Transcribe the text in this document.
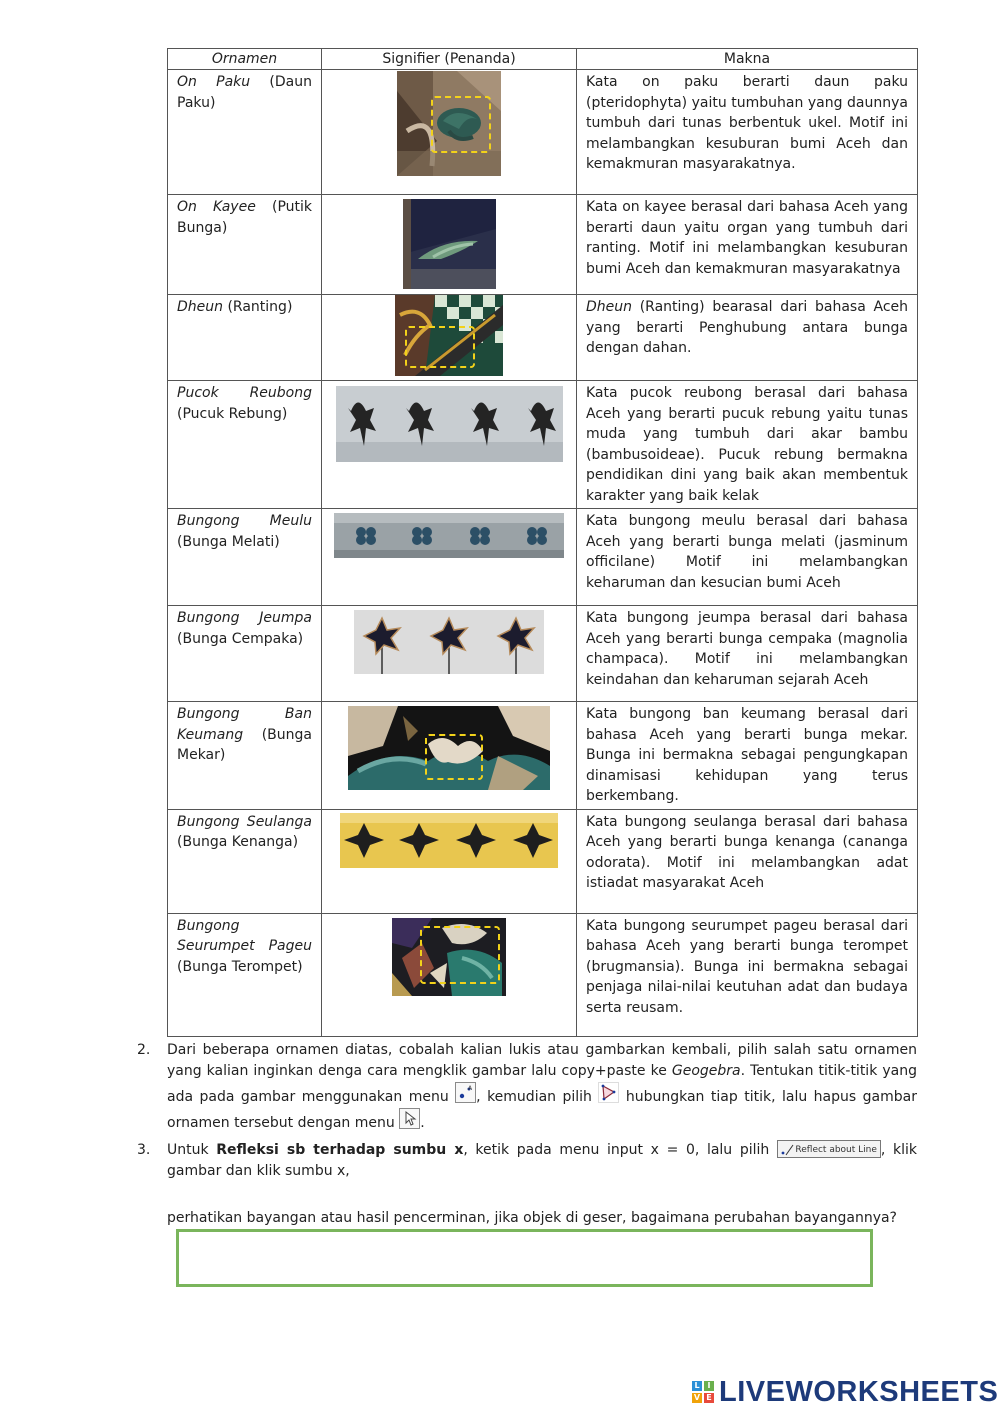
Ornamen	Signifier (Penanda)	Makna
On Paku (Daun Paku)		Kata on paku berarti daun paku (pteridophyta) yaitu tumbuhan yang daunnya tumbuh dari tunas berbentuk ukel. Motif ini melambangkan kesuburan bumi Aceh dan kemakmuran masyarakatnya.
On Kayee (Putik Bunga)		Kata on kayee berasal dari bahasa Aceh yang berarti daun yaitu organ yang tumbuh dari ranting. Motif ini melambangkan kesuburan bumi Aceh dan kemakmuran masyarakatnya
Dheun (Ranting)		Dheun (Ranting) bearasal dari bahasa Aceh yang berarti Penghubung antara bunga dengan dahan.
Pucok Reubong (Pucuk Rebung)		Kata pucok reubong berasal dari bahasa Aceh yang berarti pucuk rebung yaitu tunas muda yang tumbuh dari akar bambu (bambusoideae). Pucuk rebung bermakna pendidikan dini yang baik akan membentuk karakter yang baik kelak
Bungong Meulu (Bunga Melati)		Kata bungong meulu berasal dari bahasa Aceh yang berarti bunga melati (jasminum officilane) Motif ini melambangkan keharuman dan kesucian bumi Aceh
Bungong Jeumpa (Bunga Cempaka)		Kata bungong jeumpa berasal dari bahasa Aceh yang berarti bunga cempaka (magnolia champaca). Motif ini melambangkan keindahan dan keharuman sejarah Aceh
Bungong Ban Keumang (Bunga Mekar)		Kata bungong ban keumang berasal dari bahasa Aceh yang berarti bunga mekar. Bunga ini bermakna sebagai pengungkapan dinamisasi kehidupan yang terus berkembang.
Bungong Seulanga (Bunga Kenanga)		Kata bungong seulanga berasal dari bahasa Aceh yang berarti bunga kenanga (cananga odorata). Motif ini melambangkan adat istiadat masyarakat Aceh
Bungong Seurumpet Pageu (Bunga Terompet)		Kata bungong seurumpet pageu berasal dari bahasa Aceh yang berarti bunga terompet (brugmansia). Bunga ini bermakna sebagai penjaga nilai-nilai keutuhan adat dan budaya serta reusam.
2. Dari beberapa ornamen diatas, cobalah kalian lukis atau gambarkan kembali, pilih salah satu ornamen yang kalian inginkan denga cara mengklik gambar lalu copy+paste ke Geogebra. Tentukan titik-titik yang ada pada gambar menggunakan menu
A
, kemudian pilih
hubungkan tiap titik, lalu hapus gambar ornamen tersebut dengan menu
.
3. Untuk Refleksi sb terhadap sumbu x, ketik pada menu input x = 0, lalu pilih
Reflect about Line , klik gambar dan klik sumbu x,
perhatikan bayangan atau hasil pencerminan, jika objek di geser, bagaimana perubahan bayangannya?
L I
V E LIVEWORKSHEETS
